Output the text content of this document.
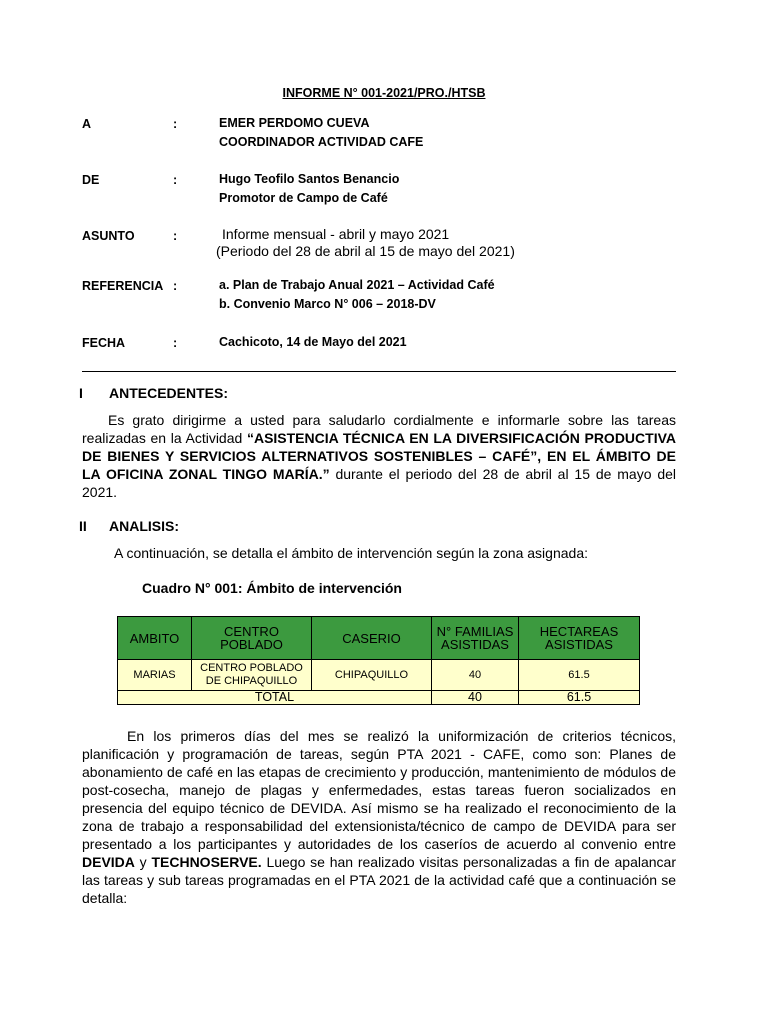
INFORME N° 001-2021/PRO./HTSB
A	:	EMER PERDOMO CUEVA
COORDINADOR ACTIVIDAD CAFE
DE	:	Hugo Teofilo Santos Benancio
Promotor de Campo de Café
ASUNTO	:	Informe mensual - abril y mayo 2021
(Periodo del 28 de abril al 15 de mayo del 2021)
REFERENCIA :	a. Plan de Trabajo Anual 2021 – Actividad Café
b. Convenio Marco N° 006 – 2018-DV
FECHA	:	Cachicoto, 14 de Mayo del 2021
I ANTECEDENTES:
Es grato dirigirme a usted para saludarlo cordialmente e informarle sobre las tareas realizadas en la Actividad “ASISTENCIA TÉCNICA EN LA DIVERSIFICACIÓN PRODUCTIVA DE BIENES Y SERVICIOS ALTERNATIVOS SOSTENIBLES – CAFÉ”, EN EL ÁMBITO DE LA OFICINA ZONAL TINGO MARÍA.” durante el periodo del 28 de abril al 15 de mayo del 2021.
II ANALISIS:
A continuación, se detalla el ámbito de intervención según la zona asignada:
Cuadro N° 001: Ámbito de intervención
AMBITO	CENTRO POBLADO	CASERIO	N° FAMILIAS ASISTIDAS	HECTAREAS ASISTIDAS
MARIAS	CENTRO POBLADO DE CHIPAQUILLO	CHIPAQUILLO	40	61.5
TOTAL			40	61.5
En los primeros días del mes se realizó la uniformización de criterios técnicos, planificación y programación de tareas, según PTA 2021 - CAFE, como son: Planes de abonamiento de café en las etapas de crecimiento y producción, mantenimiento de módulos de post-cosecha, manejo de plagas y enfermedades, estas tareas fueron socializados en presencia del equipo técnico de DEVIDA. Así mismo se ha realizado el reconocimiento de la zona de trabajo a responsabilidad del extensionista/técnico de campo de DEVIDA para ser presentado a los participantes y autoridades de los caseríos de acuerdo al convenio entre DEVIDA y TECHNOSERVE. Luego se han realizado visitas personalizadas a fin de apalancar las tareas y sub tareas programadas en el PTA 2021 de la actividad café que a continuación se detalla:
